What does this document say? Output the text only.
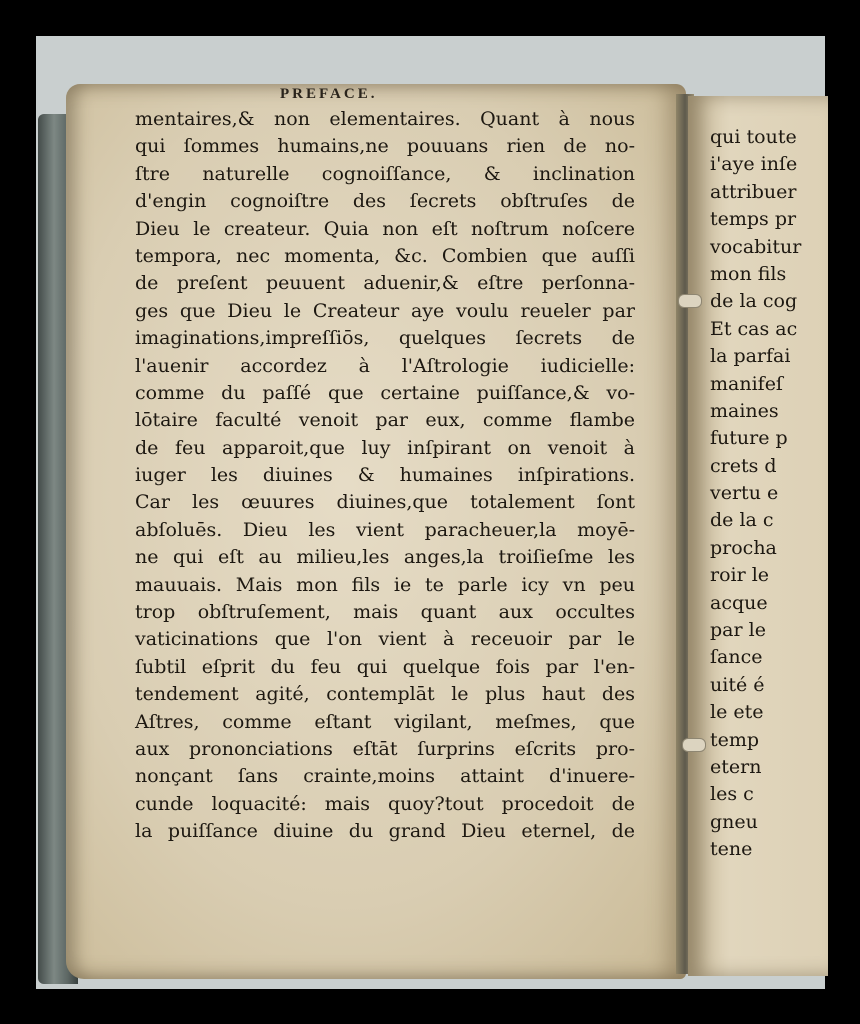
PREFACE.
mentaires,& non elementaires. Quant à nous
qui ſommes humains,ne pouuans rien de no-
ſtre naturelle cognoiſſance, & inclination
d'engin cognoiſtre des ſecrets obſtruſes de
Dieu le createur. Quia non eſt noſtrum noſcere
tempora, nec momenta, &c. Combien que auſſi
de preſent peuuent aduenir,& eſtre perſonna-
ges que Dieu le Createur aye voulu reueler par
imaginations,impreſſiōs, quelques ſecrets de
l'auenir accordez à l'Aſtrologie iudicielle:
comme du paſſé que certaine puiſſance,& vo-
lōtaire faculté venoit par eux, comme flambe
de feu apparoit,que luy inſpirant on venoit à
iuger les diuines & humaines inſpirations.
Car les œuures diuines,que totalement ſont
abſoluēs. Dieu les vient paracheuer,la moyē-
ne qui eſt au milieu,les anges,la troiſieſme les
mauuais. Mais mon fils ie te parle icy vn peu
trop obſtruſement, mais quant aux occultes
vaticinations que l'on vient à receuoir par le
ſubtil eſprit du feu qui quelque fois par l'en-
tendement agité, contemplāt le plus haut des
Aſtres, comme eſtant vigilant, meſmes, que
aux prononciations eſtāt ſurprins eſcrits pro-
nonçant ſans crainte,moins attaint d'inuere-
cunde loquacité: mais quoy?tout procedoit de
la puiſſance diuine du grand Dieu eternel, de
qui toute
i'aye inſe
attribuer
temps pr
vocabitur
mon fils
de la cog
Et cas ac
la parfai
manifeſ
maines
future p
crets d
vertu e
de la c
procha
roir le
acque
par le
ſance
uité é
le ete
temp
etern
les c
gneu
tene
